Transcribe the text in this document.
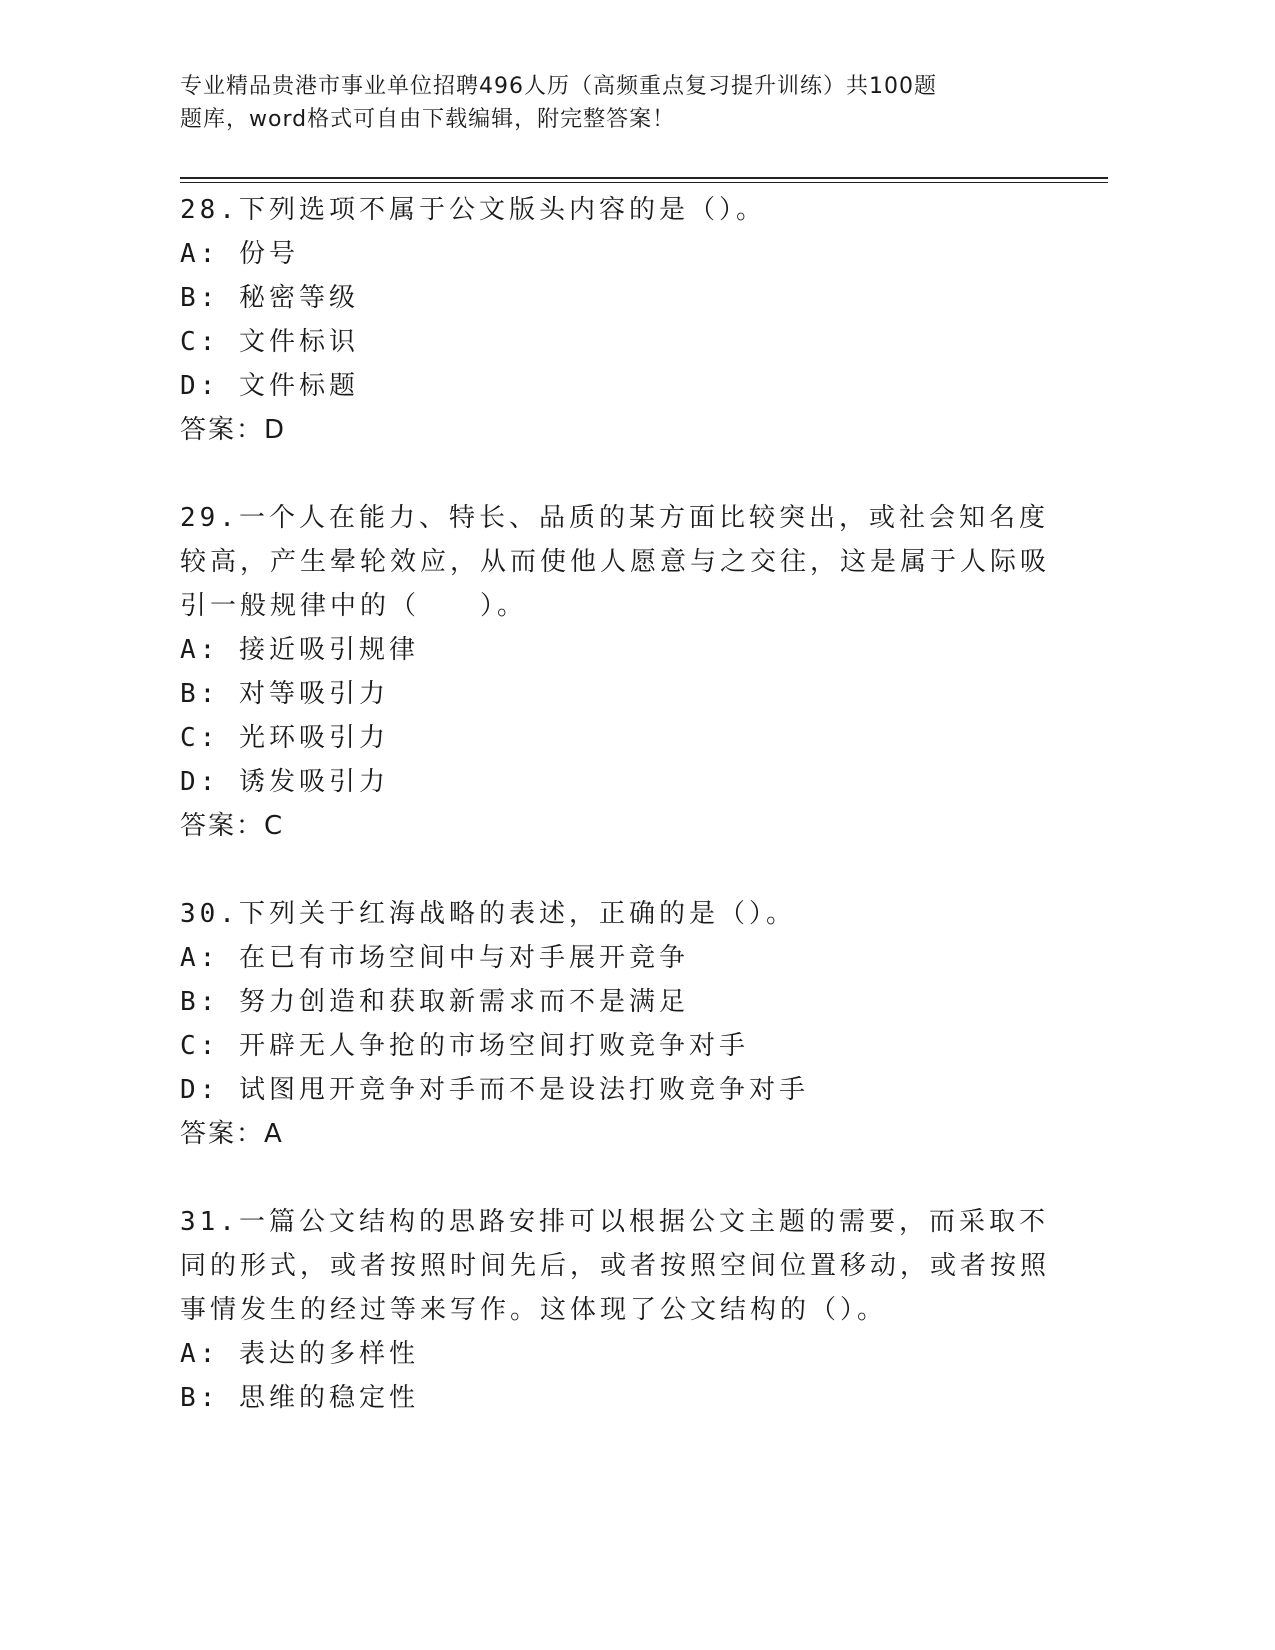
专业精品贵港市事业单位招聘496人历（高频重点复习提升训练）共100题
题库，word格式可自由下载编辑，附完整答案！

28.下列选项不属于公文版头内容的是（）。

A: 份号

B: 秘密等级

C: 文件标识

D: 文件标题

答案：D

29.一个人在能力、特长、品质的某方面比较突出，或社会知名度较高，产生晕轮效应，从而使他人愿意与之交往，这是属于人际吸引一般规律中的（　　）。

A: 接近吸引规律

B: 对等吸引力

C: 光环吸引力

D: 诱发吸引力

答案：C

30.下列关于红海战略的表述，正确的是（）。

A: 在已有市场空间中与对手展开竞争

B: 努力创造和获取新需求而不是满足

C: 开辟无人争抢的市场空间打败竞争对手

D: 试图甩开竞争对手而不是设法打败竞争对手

答案：A

31.一篇公文结构的思路安排可以根据公文主题的需要，而采取不同的形式，或者按照时间先后，或者按照空间位置移动，或者按照事情发生的经过等来写作。这体现了公文结构的（）。

A: 表达的多样性

B: 思维的稳定性
